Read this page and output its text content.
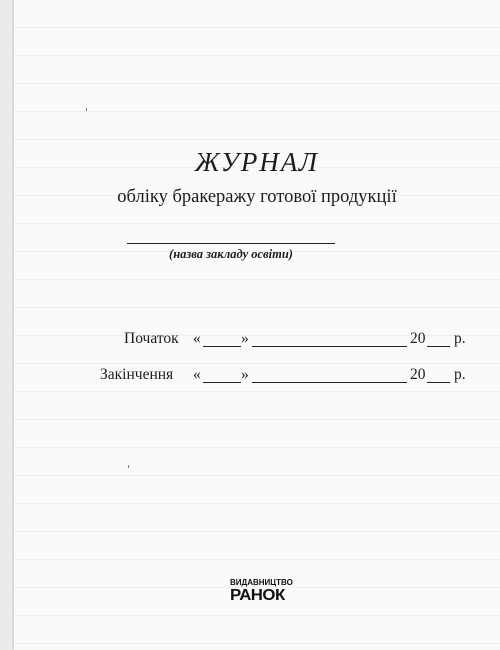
ЖУРНАЛ

обліку бракеражу готової продукції

(назва закладу освіти)
Початок «	»	20 р.
Закінчення «	»	20 р.
ВИДАВНИЦТВО
РАНОК
